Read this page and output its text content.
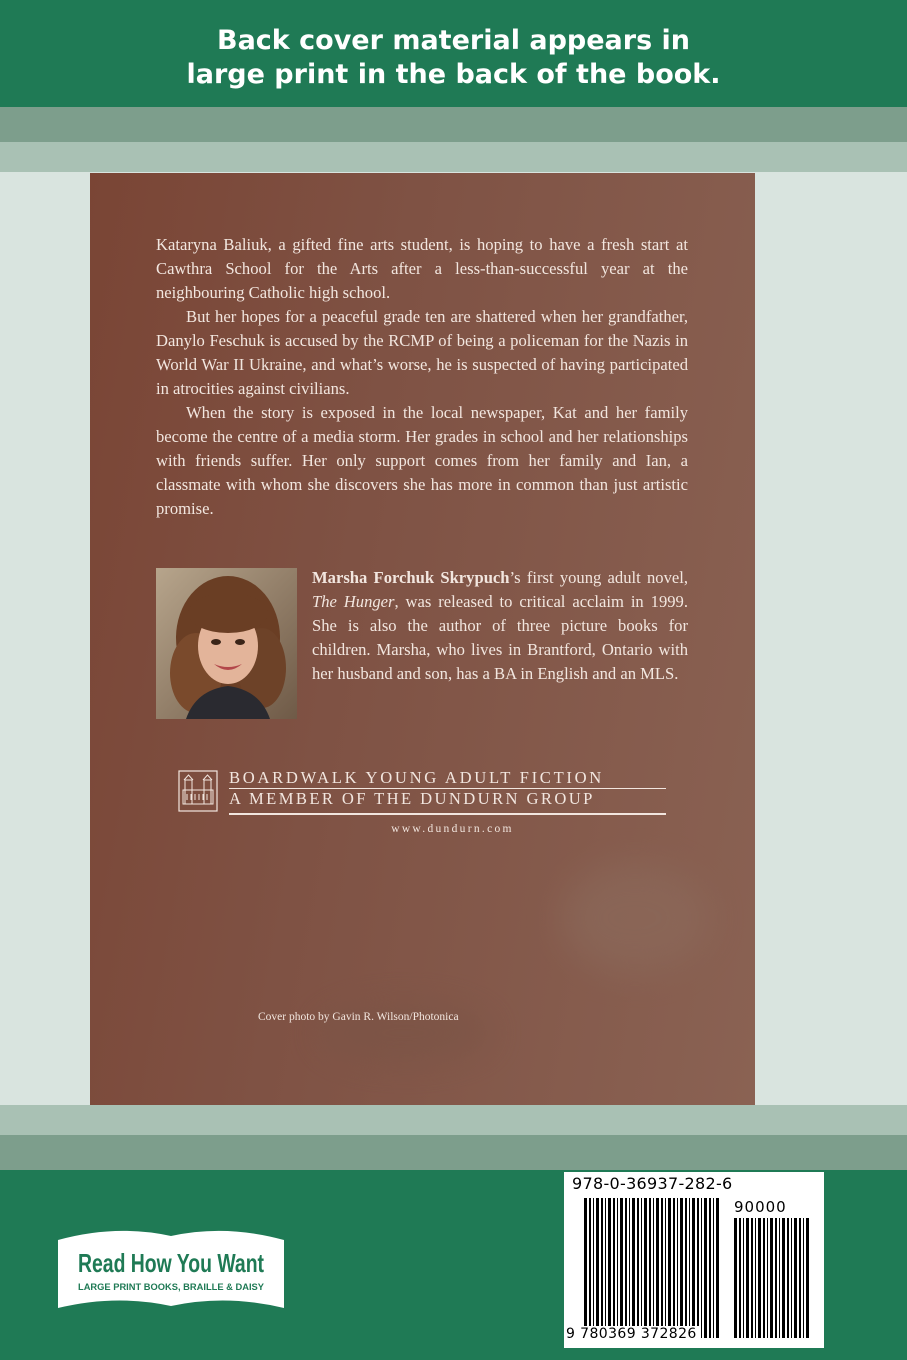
Back cover material appears in
large print in the back of the book.

Kataryna Baliuk, a gifted fine arts student, is hoping to have a fresh start at Cawthra School for the Arts after a less-than-successful year at the neighbouring Catholic high school.

But her hopes for a peaceful grade ten are shattered when her grandfather, Danylo Feschuk is accused by the RCMP of being a policeman for the Nazis in World War II Ukraine, and what’s worse, he is suspected of having participated in atrocities against civilians.

When the story is exposed in the local newspaper, Kat and her family become the centre of a media storm. Her grades in school and her relationships with friends suffer. Her only support comes from her family and Ian, a classmate with whom she discovers she has more in common than just artistic promise.

Marsha Forchuk Skrypuch’s first young adult novel, The Hunger, was released to critical acclaim in 1999. She is also the author of three picture books for children. Marsha, who lives in Brantford, Ontario with her husband and son, has a BA in English and an MLS.
BOARDWALK YOUNG ADULT FICTION
A MEMBER OF THE DUNDURN GROUP
www.dundurn.com
Cover photo by Gavin R. Wilson/Photonica
Read How You Want
LARGE PRINT BOOKS, BRAILLE & DAISY
978-0-36937-282-6
90000
9 780369 372826
